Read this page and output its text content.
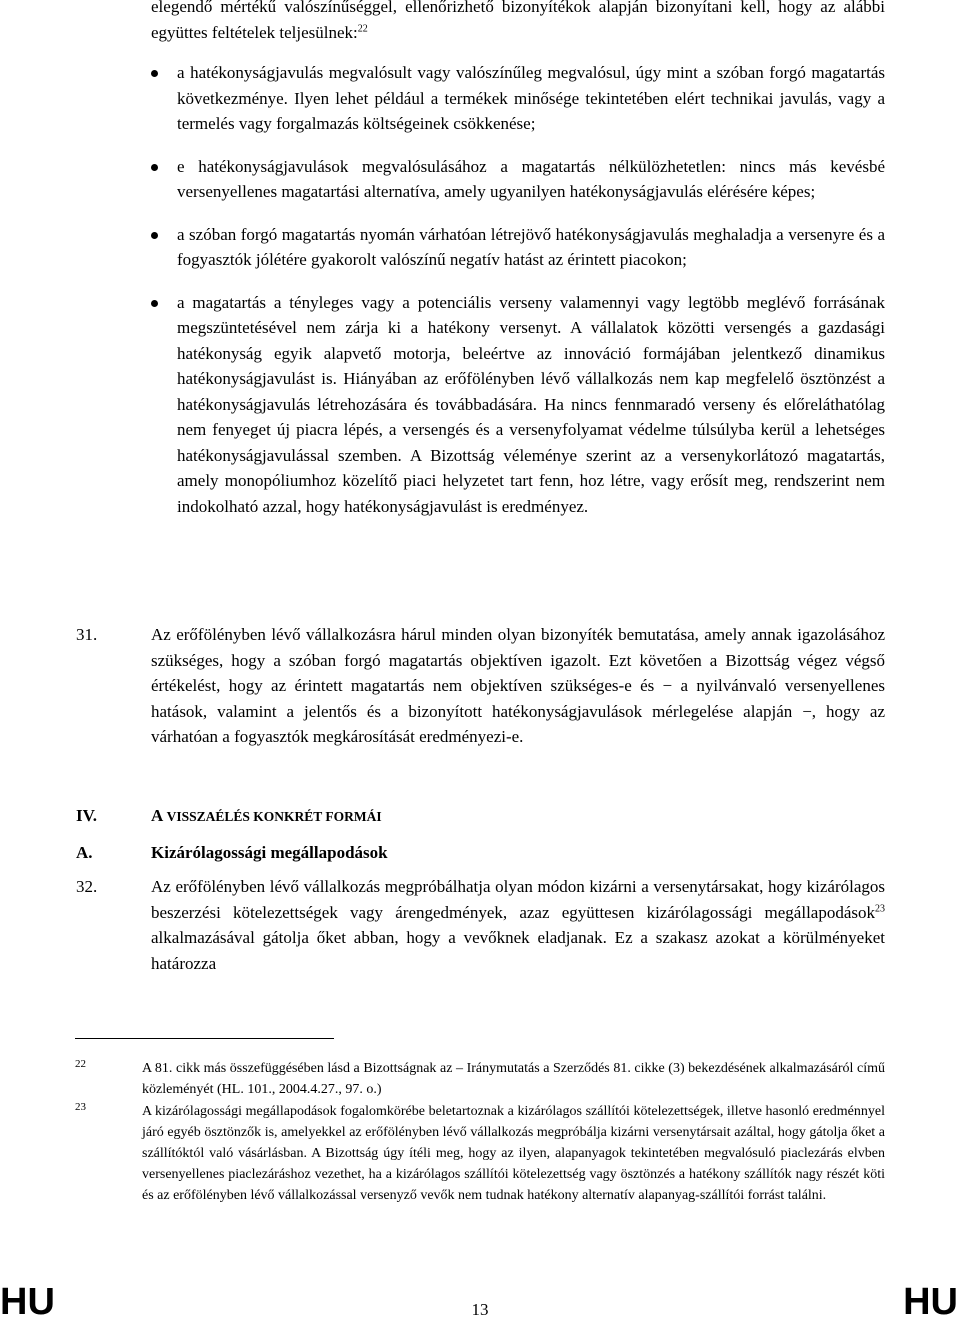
elegendő mértékű valószínűséggel, ellenőrizhető bizonyítékok alapján bizonyítani kell, hogy az alábbi együttes feltételek teljesülnek:$^{22}$

a hatékonyságjavulás megvalósult vagy valószínűleg megvalósul, úgy mint a szóban forgó magatartás következménye. Ilyen lehet például a termékek minősége tekintetében elért technikai javulás, vagy a termelés vagy forgalmazás költségeinek csökkenése;
e hatékonyságjavulások megvalósulásához a magatartás nélkülözhetetlen: nincs más kevésbé versenyellenes magatartási alternatíva, amely ugyanilyen hatékonyságjavulás elérésére képes;
a szóban forgó magatartás nyomán várhatóan létrejövő hatékonyságjavulás meghaladja a versenyre és a fogyasztók jólétére gyakorolt valószínű negatív hatást az érintett piacokon;
a magatartás a tényleges vagy a potenciális verseny valamennyi vagy legtöbb meglévő forrásának megszüntetésével nem zárja ki a hatékony versenyt. A vállalatok közötti versengés a gazdasági hatékonyság egyik alapvető motorja, beleértve az innováció formájában jelentkező dinamikus hatékonyságjavulást is. Hiányában az erőfölényben lévő vállalkozás nem kap megfelelő ösztönzést a hatékonyságjavulás létrehozására és továbbadására. Ha nincs fennmaradó verseny és előreláthatólag nem fenyeget új piacra lépés, a versengés és a versenyfolyamat védelme túlsúlyba kerül a lehetséges hatékonyságjavulással szemben. A Bizottság véleménye szerint az a versenykorlátozó magatartás, amely monopóliumhoz közelítő piaci helyzetet tart fenn, hoz létre, vagy erősít meg, rendszerint nem indokolható azzal, hogy hatékonyságjavulást is eredményez.
31.	Az erőfölényben lévő vállalkozásra hárul minden olyan bizonyíték bemutatása, amely annak igazolásához szükséges, hogy a szóban forgó magatartás objektíven igazolt. Ezt követően a Bizottság végez végső értékelést, hogy az érintett magatartás nem objektíven szükséges-e és − a nyilvánvaló versenyellenes hatások, valamint a jelentős és a bizonyított hatékonyságjavulások mérlegelése alapján −, hogy az várhatóan a fogyasztók megkárosítását eredményezi-e.

IV.	A VISSZAÉLÉS KONKRÉT FORMÁI
A.	Kizárólagossági megállapodások
32.	Az erőfölényben lévő vállalkozás megpróbálhatja olyan módon kizárni a versenytársakat, hogy kizárólagos beszerzési kötelezettségek vagy árengedmények, azaz együttesen kizárólagossági megállapodások$^{23}$ alkalmazásával gátolja őket abban, hogy a vevőknek eladjanak. Ez a szakasz azokat a körülményeket határozza

22	A 81. cikk más összefüggésében lásd a Bizottságnak az – Iránymutatás a Szerződés 81. cikke (3) bekezdésének alkalmazásáról című közleményét (HL. 101., 2004.4.27., 97. o.)

23	A kizárólagossági megállapodások fogalomkörébe beletartoznak a kizárólagos szállítói kötelezettségek, illetve hasonló eredménnyel járó egyéb ösztönzők is, amelyekkel az erőfölényben lévő vállalkozás megpróbálja kizárni versenytársait azáltal, hogy gátolja őket a szállítóktól való vásárlásban. A Bizottság úgy ítéli meg, hogy az ilyen, alapanyagok tekintetében megvalósuló piaclezárás elvben versenyellenes piaclezáráshoz vezethet, ha a kizárólagos szállítói kötelezettség vagy ösztönzés a hatékony szállítók nagy részét köti és az erőfölényben lévő vállalkozással versenyző vevők nem tudnak hatékony alternatív alapanyag-szállítói forrást találni.

HU	13	HU
